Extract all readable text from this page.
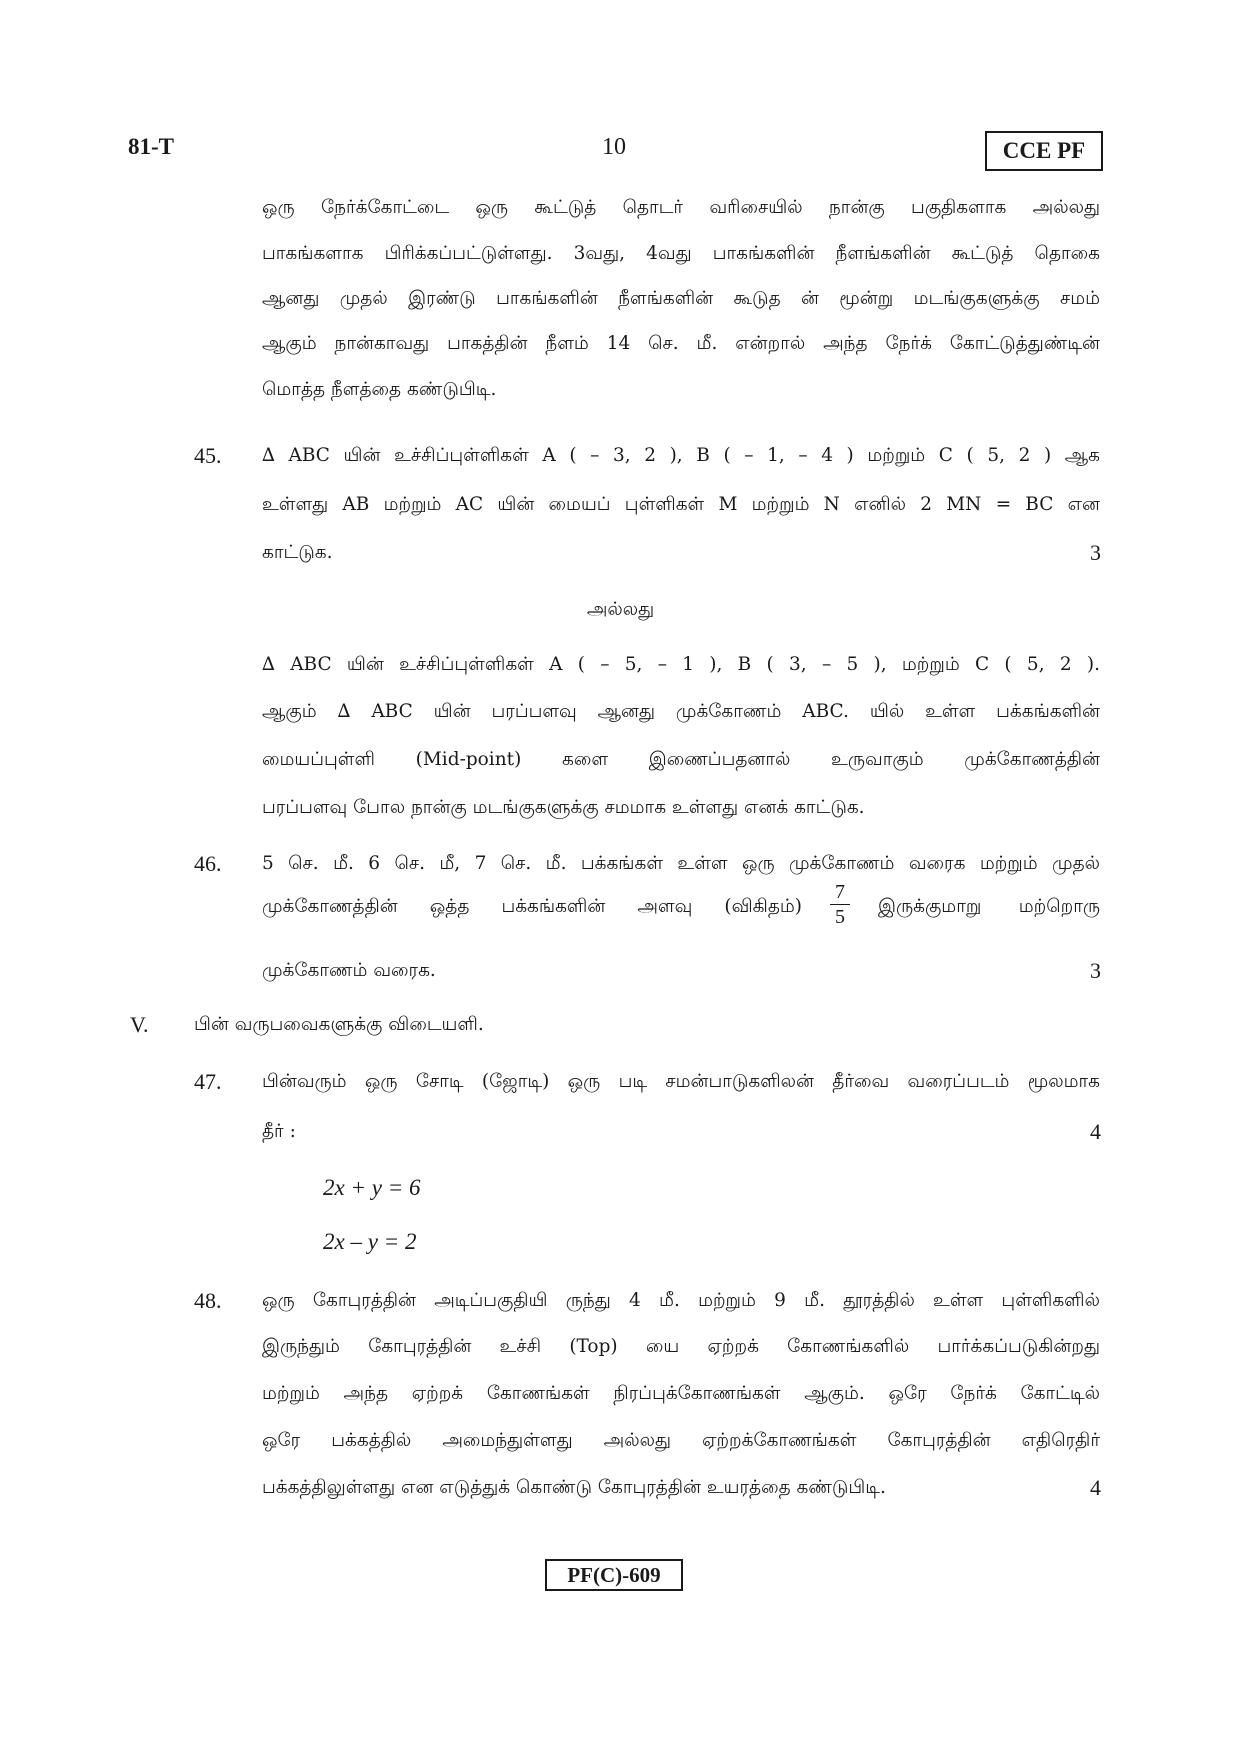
81-T	10	CCE PF
ஒரு நேர்க்கோட்டை ஒரு கூட்டுத் தொடர் வரிசையில் நான்கு பகுதிகளாக அல்லது
பாகங்களாக பிரிக்கப்பட்டுள்ளது. 3வது, 4வது பாகங்களின் நீளங்களின் கூட்டுத் தொகை
ஆனது முதல் இரண்டு பாகங்களின் நீளங்களின் கூடுத ன் மூன்று மடங்குகளுக்கு சமம்
ஆகும் நான்காவது பாகத்தின் நீளம் 14 செ. மீ. என்றால் அந்த நேர்க் கோட்டுத்துண்டின்
மொத்த நீளத்தை கண்டுபிடி.
45. ∆ ABC யின் உச்சிப்புள்ளிகள் A ( – 3, 2 ), B ( – 1, – 4 ) மற்றும் C ( 5, 2 ) ஆக
உள்ளது AB மற்றும் AC யின் மையப் புள்ளிகள் M மற்றும் N எனில் 2 MN = BC என
காட்டுக.	3
அல்லது
∆ ABC யின் உச்சிப்புள்ளிகள் A ( – 5, – 1 ), B ( 3, – 5 ), மற்றும் C ( 5, 2 ).
ஆகும் ∆ ABC யின் பரப்பளவு ஆனது முக்கோணம் ABC. யில் உள்ள பக்கங்களின்
மையப்புள்ளி (Mid-point) களை இணைப்பதனால் உருவாகும் முக்கோணத்தின்
பரப்பளவு போல நான்கு மடங்குகளுக்கு சமமாக உள்ளது எனக் காட்டுக.
46. 5 செ. மீ. 6 செ. மீ, 7 செ. மீ. பக்கங்கள் உள்ள ஒரு முக்கோணம் வரைக மற்றும் முதல்
முக்கோணத்தின் ஒத்த பக்கங்களின் அளவு (விகிதம்) $\frac{7}{5}$ இருக்குமாறு மற்றொரு
முக்கோணம் வரைக.	3
V. பின் வருபவைகளுக்கு விடையளி.
47. பின்வரும் ஒரு சோடி (ஜோடி) ஒரு படி சமன்பாடுகளிலன் தீர்வை வரைப்படம் மூலமாக
தீர் :	4
2x + y = 6
2x – y = 2
48. ஒரு கோபுரத்தின் அடிப்பகுதியி ருந்து 4 மீ. மற்றும் 9 மீ. தூரத்தில் உள்ள புள்ளிகளில்
இருந்தும் கோபுரத்தின் உச்சி (Top) யை ஏற்றக் கோணங்களில் பார்க்கப்படுகின்றது
மற்றும் அந்த ஏற்றக் கோணங்கள் நிரப்புக்கோணங்கள் ஆகும். ஒரே நேர்க் கோட்டில்
ஒரே பக்கத்தில் அமைந்துள்ளது அல்லது ஏற்றக்கோணங்கள் கோபுரத்தின் எதிரெதிர்
பக்கத்திலுள்ளது என எடுத்துக் கொண்டு கோபுரத்தின் உயரத்தை கண்டுபிடி.	4
PF(C)-609
